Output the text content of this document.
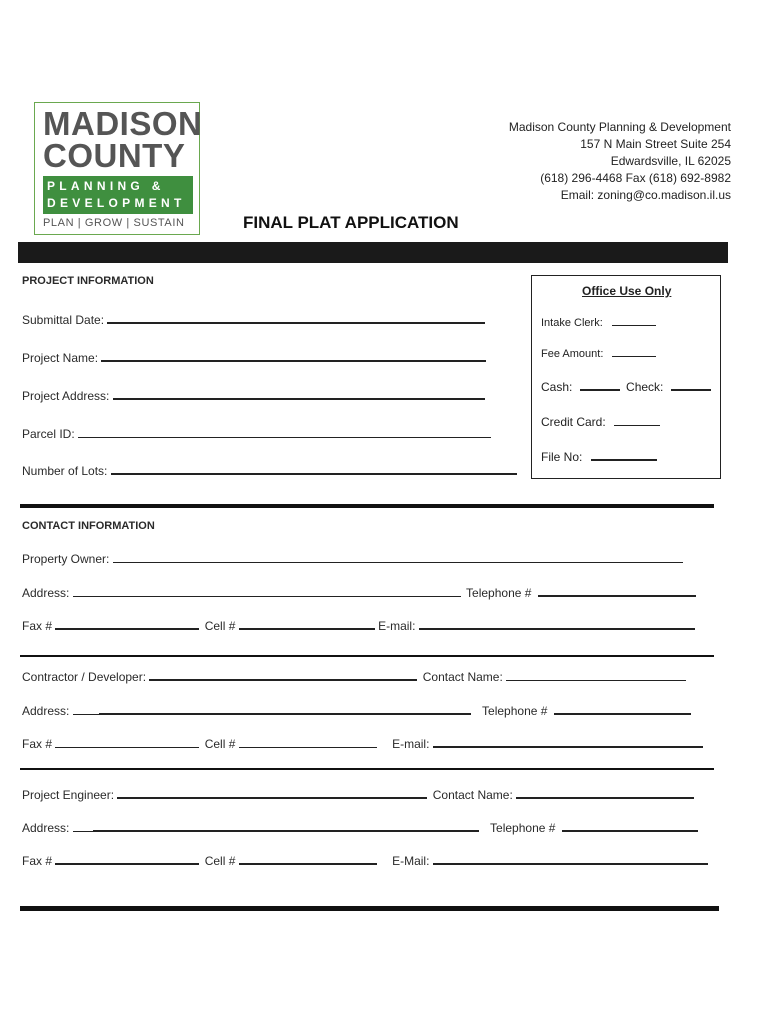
MADISON
COUNTY
PLANNING &
DEVELOPMENT
PLAN | GROW | SUSTAIN
Madison County Planning & Development
157 N Main Street Suite 254
Edwardsville, IL 62025
(618) 296-4468 Fax (618) 692-8982
Email: zoning@co.madison.il.us
FINAL PLAT APPLICATION
PROJECT INFORMATION
Submittal Date:
Project Name:
Project Address:
Parcel ID:
Number of Lots:
Office Use Only
Intake Clerk:
Fee Amount:
Cash:	Check:
Credit Card:
File No:
CONTACT INFORMATION
Property Owner:
Address:	Telephone #
Fax #	Cell #	E-mail:
Contractor / Developer:	Contact Name:
Address:	Telephone #
Fax #	Cell #	E-mail:
Project Engineer:	Contact Name:
Address:	Telephone #
Fax #	Cell #	E-Mail:
